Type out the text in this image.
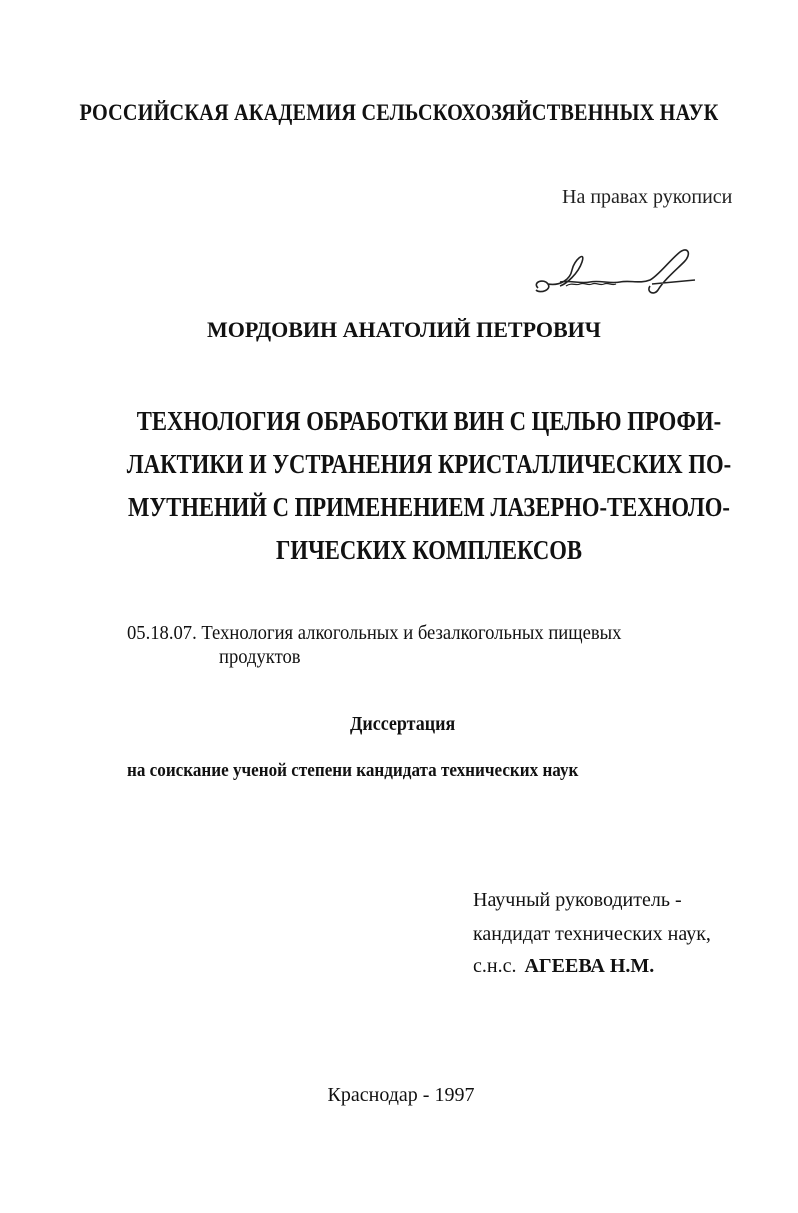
РОССИЙСКАЯ АКАДЕМИЯ СЕЛЬСКОХОЗЯЙСТВЕННЫХ НАУК
На правах рукописи
МОРДОВИН АНАТОЛИЙ ПЕТРОВИЧ
ТЕХНОЛОГИЯ ОБРАБОТКИ ВИН С ЦЕЛЬЮ ПРОФИ-
ЛАКТИКИ И УСТРАНЕНИЯ КРИСТАЛЛИЧЕСКИХ ПО-
МУТНЕНИЙ С ПРИМЕНЕНИЕМ ЛАЗЕРНО-ТЕХНОЛО-
ГИЧЕСКИХ КОМПЛЕКСОВ
05.18.07. Технология алкогольных и безалкогольных пищевых
продуктов
Диссертация
на соискание ученой степени кандидата технических наук
Научный руководитель -
кандидат технических наук,
с.н.с. АГЕЕВА Н.М.
Краснодар - 1997
